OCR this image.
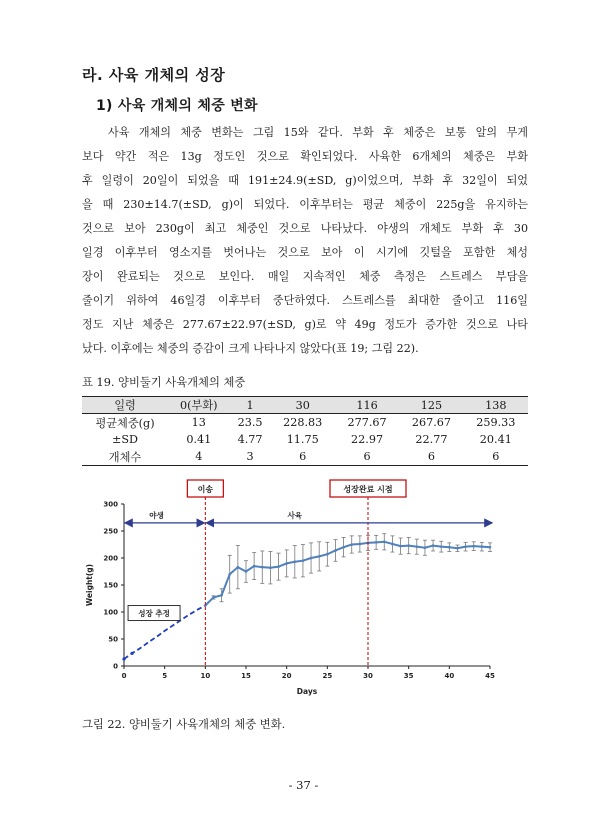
라. 사육 개체의 성장
1) 사육 개체의 체중 변화
사육 개체의 체중 변화는 그림 15와 같다. 부화 후 체중은 보통 알의 무게
보다 약간 적은 13g 정도인 것으로 확인되었다. 사육한 6개체의 체중은 부화
후 일령이 20일이 되었을 때 191±24.9(±SD, g)이었으며, 부화 후 32일이 되었
을 때 230±14.7(±SD, g)이 되었다. 이후부터는 평균 체중이 225g을 유지하는
것으로 보아 230g이 최고 체중인 것으로 나타났다. 야생의 개체도 부화 후 30
일경 이후부터 영소지를 벗어나는 것으로 보아 이 시기에 깃털을 포함한 체성
장이 완료되는 것으로 보인다. 매일 지속적인 체중 측정은 스트레스 부담을
줄이기 위하여 46일경 이후부터 중단하였다. 스트레스를 최대한 줄이고 116일
정도 지난 체중은 277.67±22.97(±SD, g)로 약 49g 정도가 증가한 것으로 나타
났다. 이후에는 체중의 증감이 크게 나타나지 않았다(표 19; 그림 22).
표 19. 양비둘기 사육개체의 체중
일령	0(부화)	1	30	116	125	138
평균체중(g)	13	23.5	228.83	277.67	267.67	259.33
±SD	0.41	4.77	11.75	22.97	22.77	20.41
개체수	4	3	6	6	6	6
0
50
100
150
200
250
300
0	5	10	15	20	25	30	35	40	45
Days
Weight(g)
이송	성장완료 시점
야생	사육
성장 추정
그림 22. 양비둘기 사육개체의 체중 변화.
- 37 -
